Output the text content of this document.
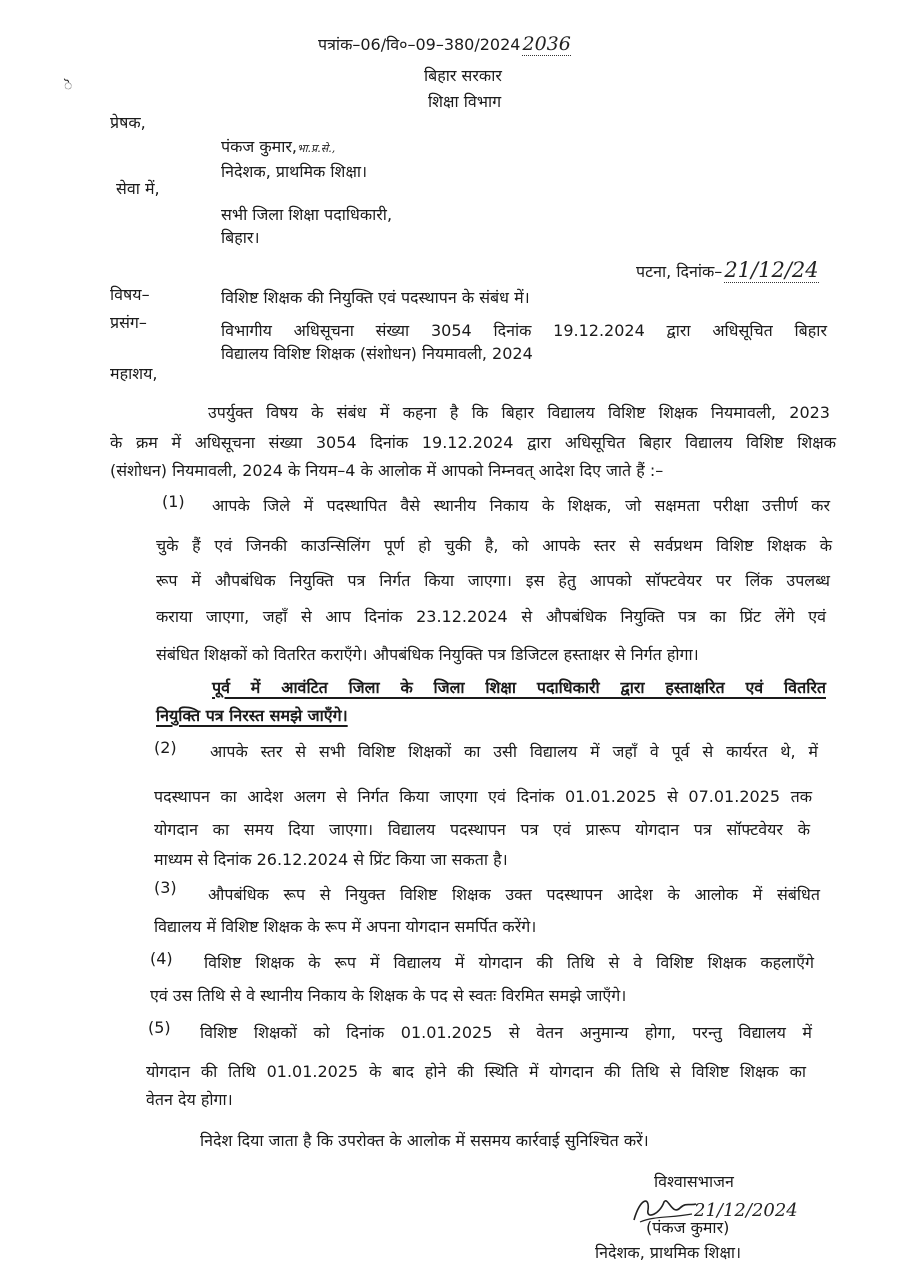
पत्रांक–06/वि०–09–380/2024 2036
ॆ
बिहार सरकार
शिक्षा विभाग
प्रेषक,
पंकज कुमार,भा.प्र.से.,
निदेशक, प्राथमिक शिक्षा।
सेवा में,
सभी जिला शिक्षा पदाधिकारी,
बिहार।
पटना, दिनांक–21/12/24
विषय–	विशिष्ट शिक्षक की नियुक्ति एवं पदस्थापन के संबंध में।
प्रसंग–	विभागीय अधिसूचना संख्या 3054 दिनांक 19.12.2024 द्वारा अधिसूचित बिहार
विद्यालय विशिष्ट शिक्षक (संशोधन) नियमावली, 2024
महाशय,
उपर्युक्त विषय के संबंध में कहना है कि बिहार विद्यालय विशिष्ट शिक्षक नियमावली, 2023
के क्रम में अधिसूचना संख्या 3054 दिनांक 19.12.2024 द्वारा अधिसूचित बिहार विद्यालय विशिष्ट शिक्षक
(संशोधन) नियमावली, 2024 के नियम–4 के आलोक में आपको निम्नवत् आदेश दिए जाते हैं :–
(1) आपके जिले में पदस्थापित वैसे स्थानीय निकाय के शिक्षक, जो सक्षमता परीक्षा उत्तीर्ण कर
चुके हैं एवं जिनकी काउन्सिलिंग पूर्ण हो चुकी है, को आपके स्तर से सर्वप्रथम विशिष्ट शिक्षक के
रूप में औपबंधिक नियुक्ति पत्र निर्गत किया जाएगा। इस हेतु आपको सॉफ्टवेयर पर लिंक उपलब्ध
कराया जाएगा, जहाँ से आप दिनांक 23.12.2024 से औपबंधिक नियुक्ति पत्र का प्रिंट लेंगे एवं
संबंधित शिक्षकों को वितरित कराएँगे। औपबंधिक नियुक्ति पत्र डिजिटल हस्ताक्षर से निर्गत होगा।
पूर्व में आवंटित जिला के जिला शिक्षा पदाधिकारी द्वारा हस्ताक्षरित एवं वितरित
नियुक्ति पत्र निरस्त समझे जाएँगे।
(2) आपके स्तर से सभी विशिष्ट शिक्षकों का उसी विद्यालय में जहाँ वे पूर्व से कार्यरत थे, में
पदस्थापन का आदेश अलग से निर्गत किया जाएगा एवं दिनांक 01.01.2025 से 07.01.2025 तक
योगदान का समय दिया जाएगा। विद्यालय पदस्थापन पत्र एवं प्रारूप योगदान पत्र सॉफ्टवेयर के
माध्यम से दिनांक 26.12.2024 से प्रिंट किया जा सकता है।
(3) औपबंधिक रूप से नियुक्त विशिष्ट शिक्षक उक्त पदस्थापन आदेश के आलोक में संबंधित
विद्यालय में विशिष्ट शिक्षक के रूप में अपना योगदान समर्पित करेंगे।
(4) विशिष्ट शिक्षक के रूप में विद्यालय में योगदान की तिथि से वे विशिष्ट शिक्षक कहलाएँगे
एवं उस तिथि से वे स्थानीय निकाय के शिक्षक के पद से स्वतः विरमित समझे जाएँगे।
(5) विशिष्ट शिक्षकों को दिनांक 01.01.2025 से वेतन अनुमान्य होगा, परन्तु विद्यालय में
योगदान की तिथि 01.01.2025 के बाद होने की स्थिति में योगदान की तिथि से विशिष्ट शिक्षक का
वेतन देय होगा।
निदेश दिया जाता है कि उपरोक्त के आलोक में ससमय कार्रवाई सुनिश्चित करें।
विश्वासभाजन
21/12/2024
(पंकज कुमार)
निदेशक, प्राथमिक शिक्षा।
